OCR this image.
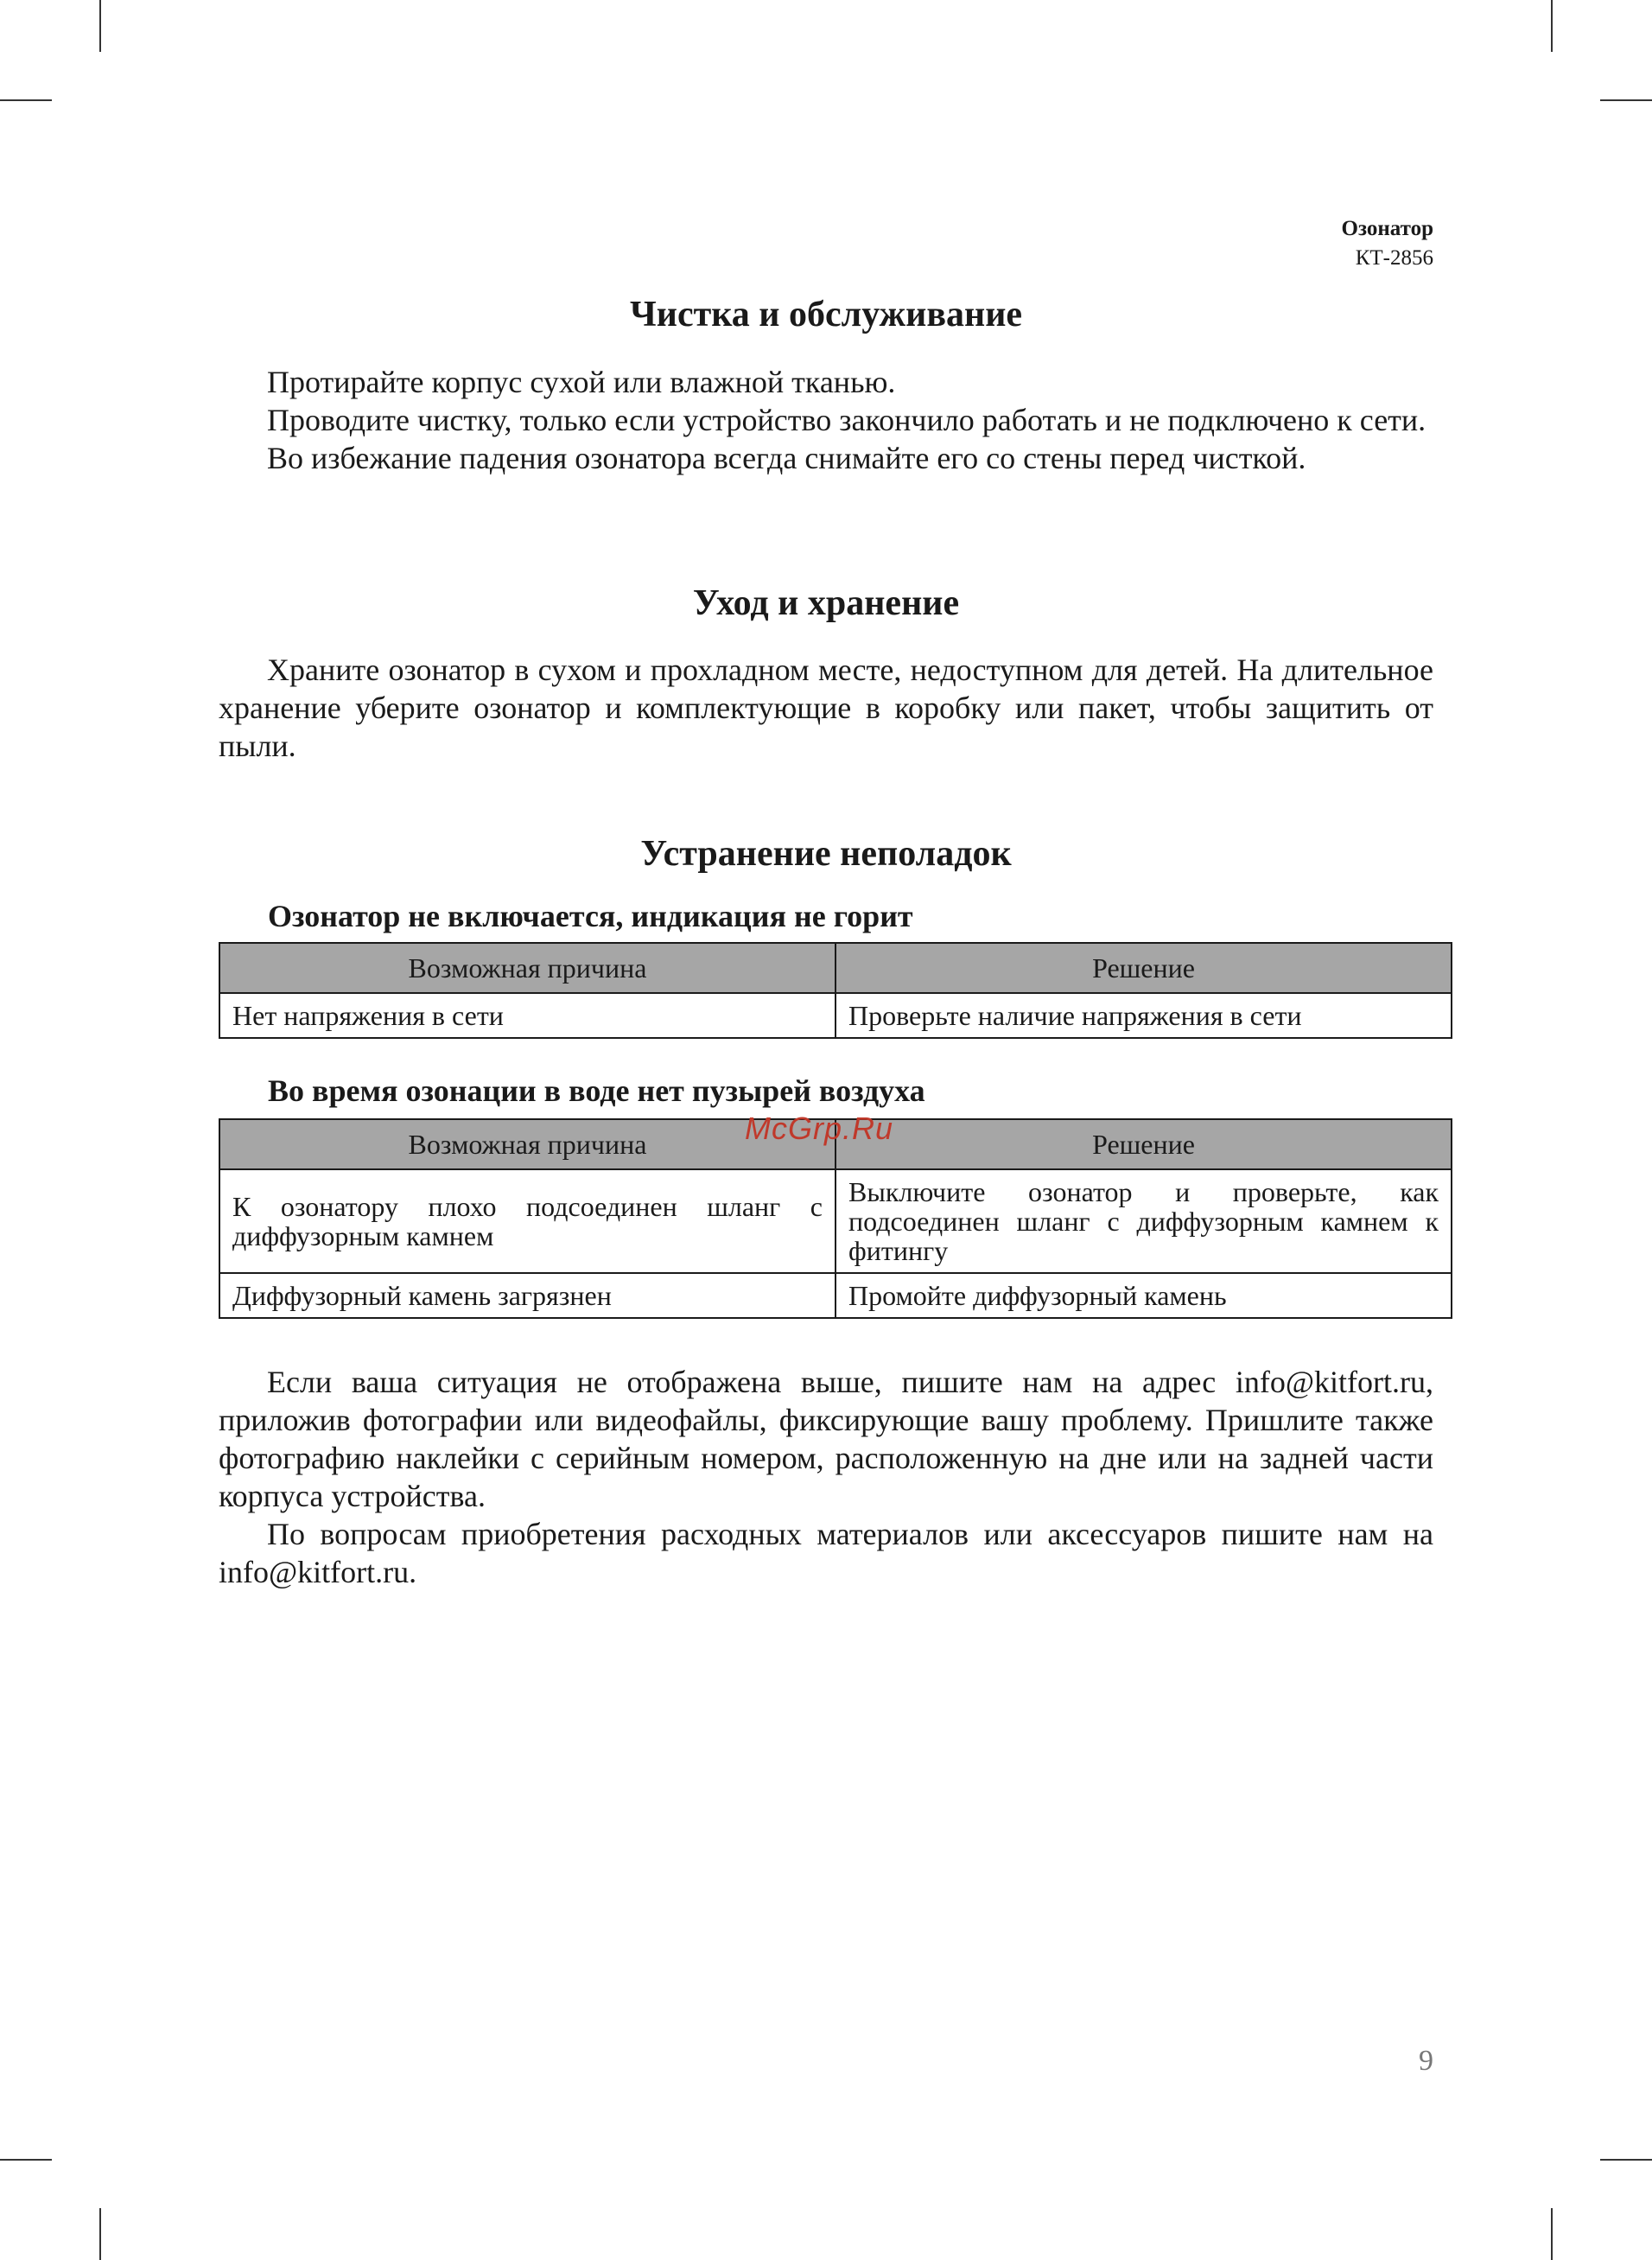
Озонатор
КТ-2856
Чистка и обслуживание

Протирайте корпус сухой или влажной тканью.

Проводите чистку, только если устройство закончило работать и не подключено к сети.

Во избежание падения озонатора всегда снимайте его со стены перед чисткой.

Уход и хранение

Храните озонатор в сухом и прохладном месте, недоступном для детей. На длительное хранение уберите озонатор и комплектующие в коробку или пакет, чтобы защитить от пыли.

Устранение неполадок
Озонатор не включается, индикация не горит
Возможная причина	Решение
Нет напряжения в сети	Проверьте наличие напряжения в сети
Во время озонации в воде нет пузырей воздуха
Возможная причина	Решение
К озонатору плохо подсоединен шланг с диффузорным камнем	Выключите озонатор и проверьте, как подсоединен шланг с диффузорным камнем к фитингу
Диффузорный камень загрязнен	Промойте диффузорный камень
McGrp.Ru

Если ваша ситуация не отображена выше, пишите нам на адрес info@kitfort.ru, приложив фотографии или видеофайлы, фиксирующие вашу проблему. Пришлите также фотографию наклейки с серийным номером, расположенную на дне или на задней части корпуса устройства.

По вопросам приобретения расходных материалов или аксессуаров пишите нам на info@kitfort.ru.

9
